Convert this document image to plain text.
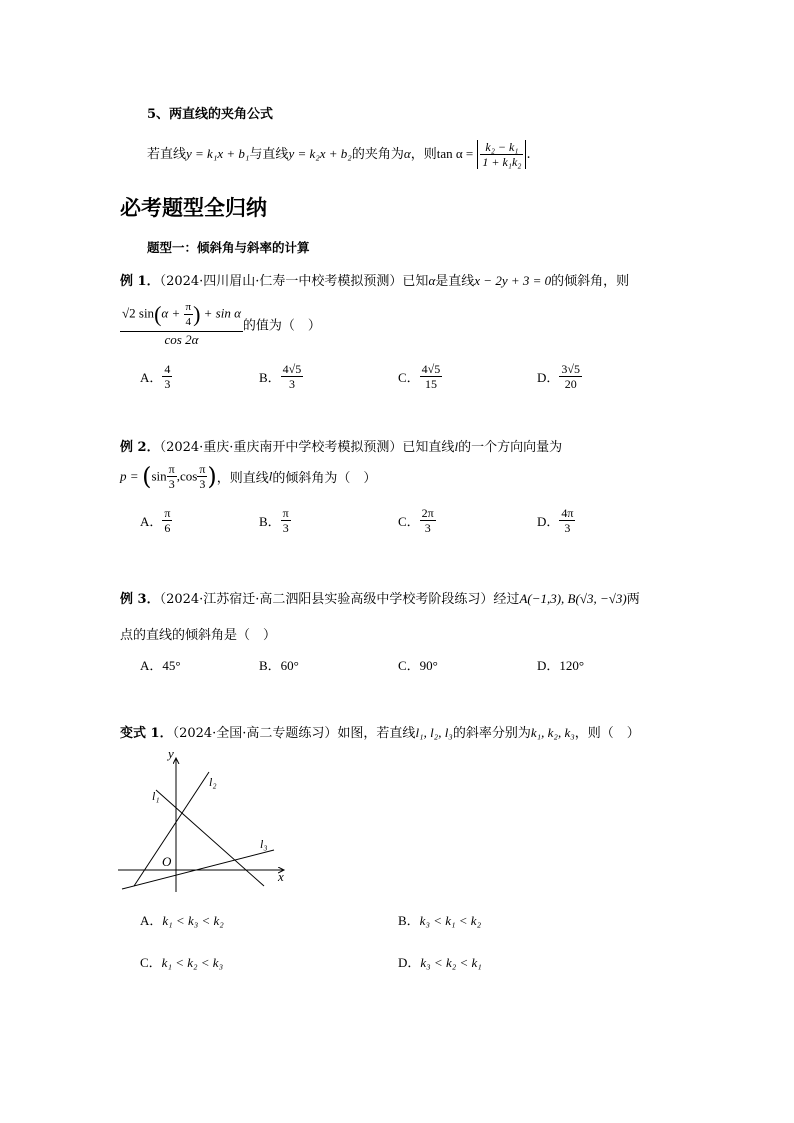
5、两直线的夹角公式
若直线y = k₁x + b₁与直线y = k₂x + b₂的夹角为α，则$\tan \alpha = \frac{\text{k₂ − k₁}}{\text{1 + k₁k₂}}$ .
必考题型全归纳
题型一：倾斜角与斜率的计算
例 1．（2024·四川眉山·仁寿一中校考模拟预测）已知α是直线x − 2y + 3 = 0的倾斜角，则
$\frac{√2 \sin(\alpha + \frac{\pi}{4} ) + \sin \alpha}{\cos 2\alpha}$ 的值为（　）
A． $\frac{4}{3}$	B． $\frac{4√5}{3}$	C． $\frac{4√5}{15}$	D． $\frac{3√5}{20}$
例 2．（2024·重庆·重庆南开中学校考模拟预测）已知直线l的一个方向向量为
$p = (\sin \frac{\pi}{3} ,\cos \frac{\pi}{3}$ )，则直线l的倾斜角为（　）
A． $\frac{\pi}{6}$	B． $\frac{\pi}{3}$	C． $\frac{2\pi}{3}$	D． $\frac{4\pi}{3}$
例 3．（2024·江苏宿迁·高二泗阳县实验高级中学校考阶段练习）经过A(−1,3), B(√3, −√3)两
点的直线的倾斜角是（　）
A．45°	B．60°	C．90°	D．120°
变式 1．（2024·全国·高二专题练习）如图，若直线l₁, l₂, l₃的斜率分别为k₁, k₂, k₃，则（　）
y
x
O
l₁
l₂
l₃
A．k₁ < k₃ < k₂	B．k₃ < k₁ < k₂
C．k₁ < k₂ < k₃	D．k₃ < k₂ < k₁
